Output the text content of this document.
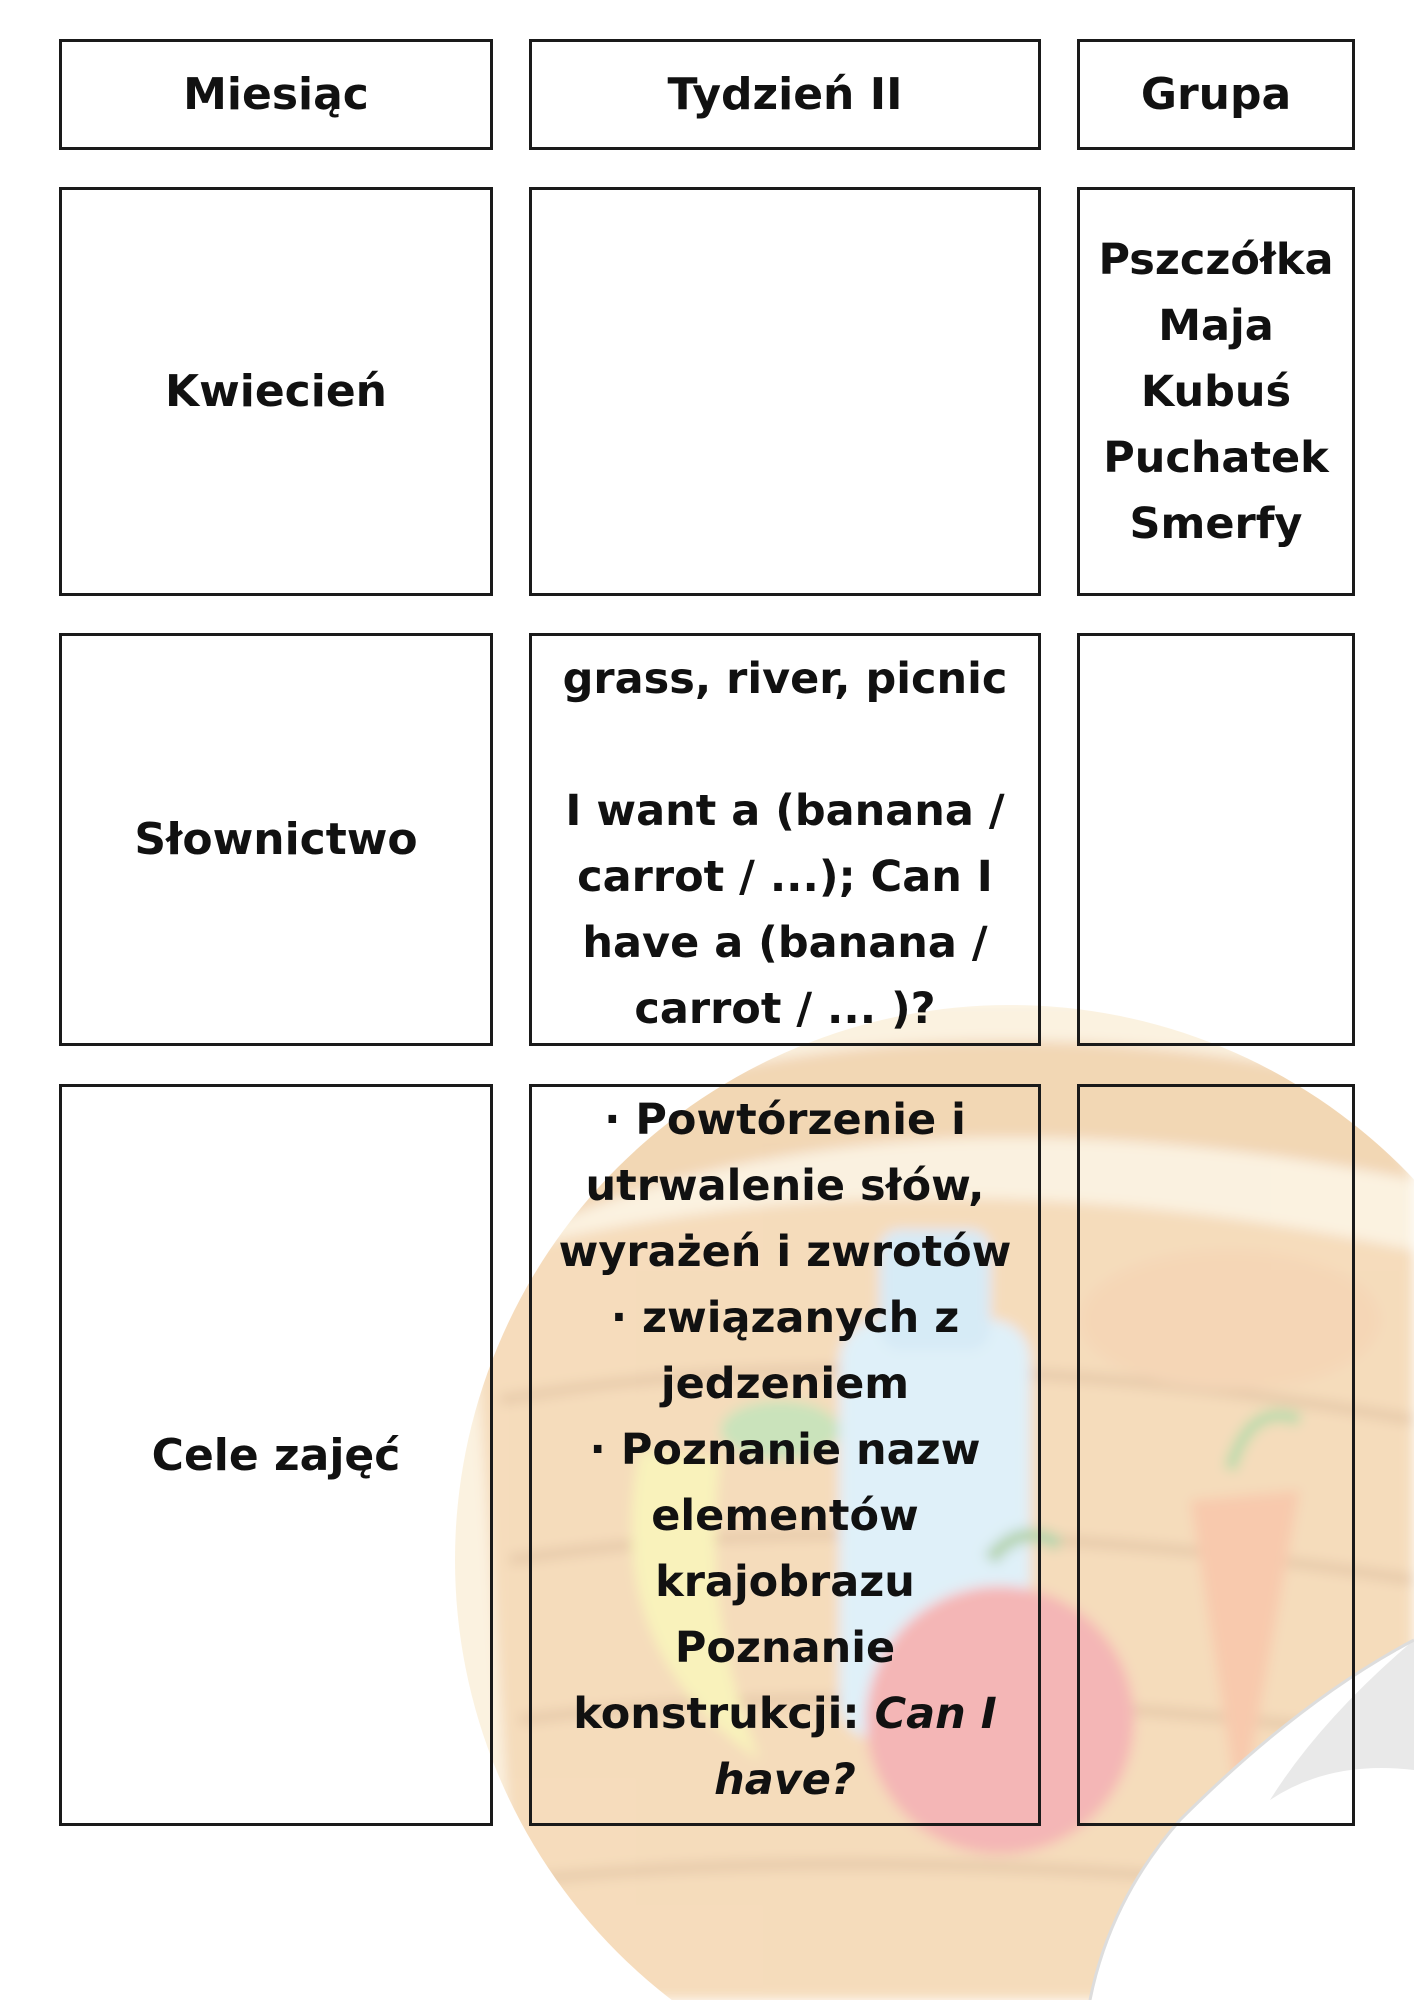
Miesiąc	Tydzień II	Grupa
Kwiecień
Pszczółka
Maja
Kubuś
Puchatek
Smerfy
Słownictwo
grass, river, picnic
I want a (banana /
carrot / ...); Can I
have a (banana /
carrot / ... )?
Cele zajęć
· Powtórzenie i
utrwalenie słów,
wyrażeń i zwrotów
· związanych z
jedzeniem
· Poznanie nazw
elementów
krajobrazu
Poznanie
konstrukcji: Can I
have?
